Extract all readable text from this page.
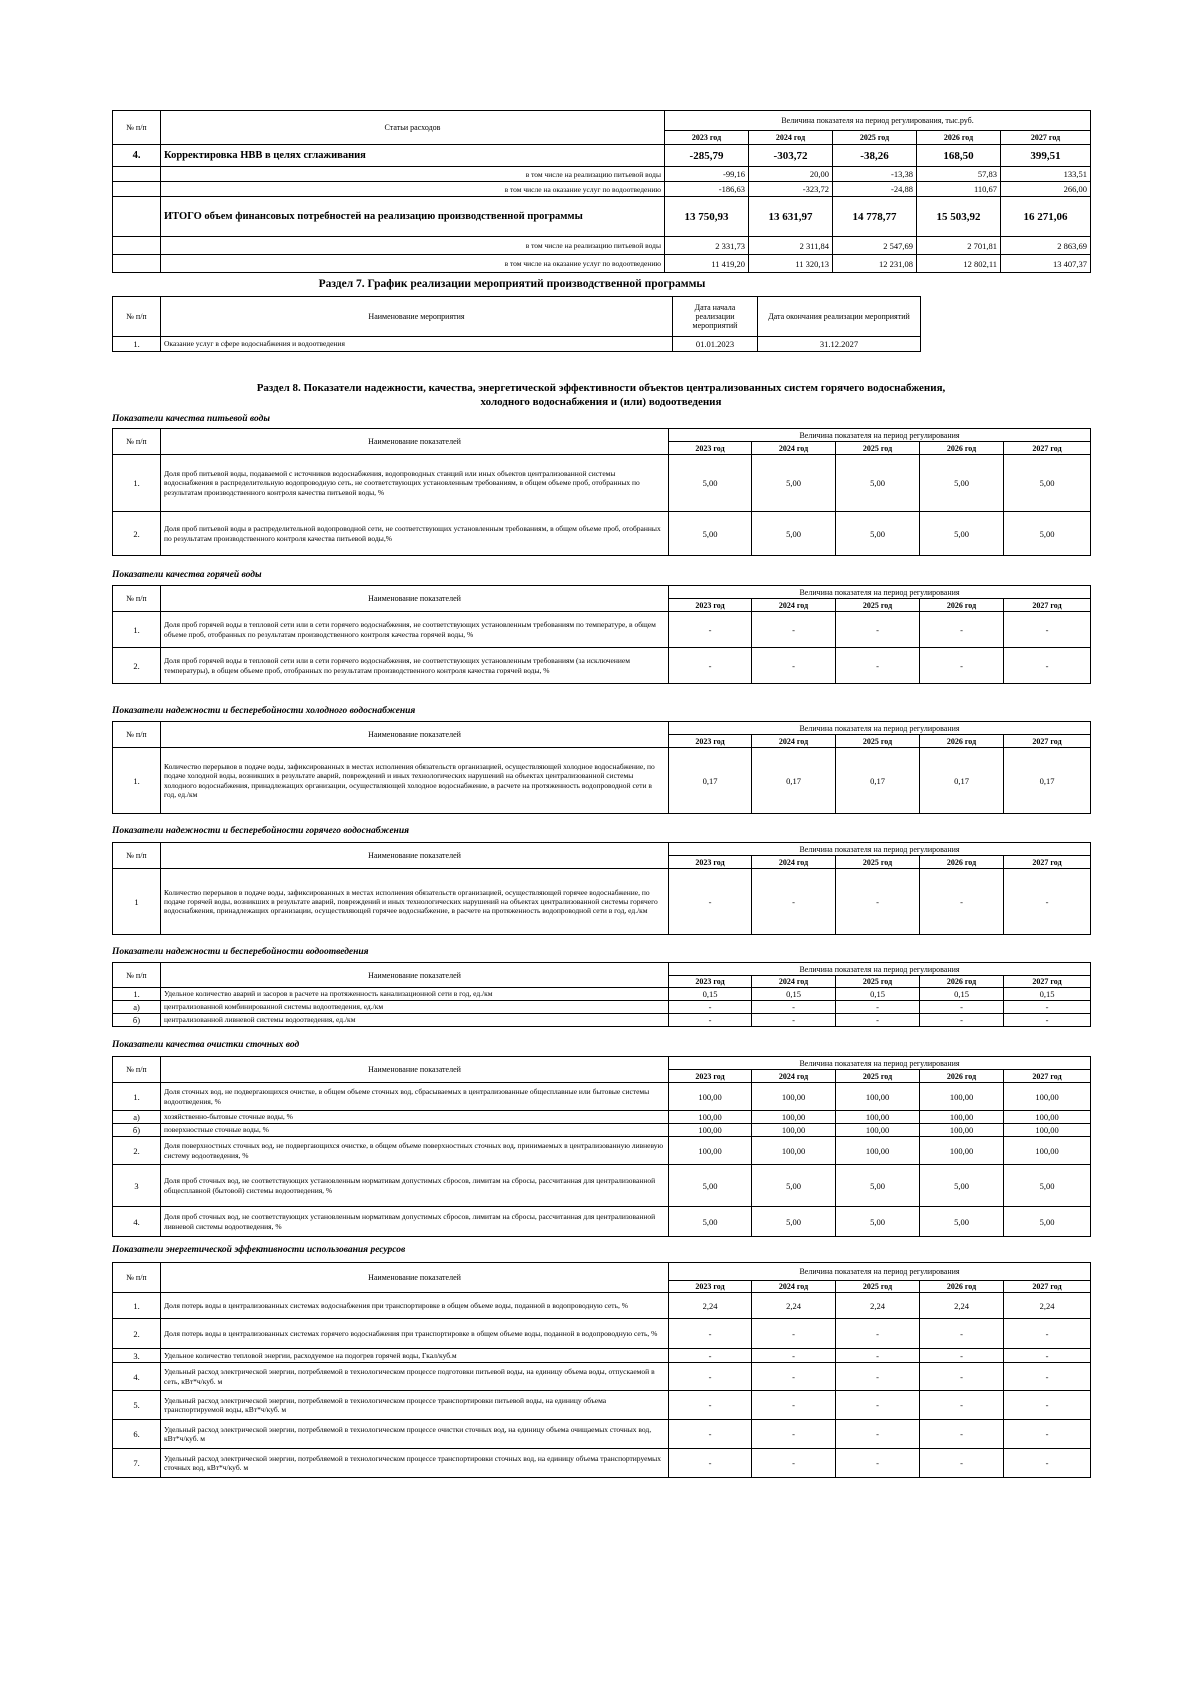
№ п/п	Статьи расходов	Величина показателя на период регулирования, тыс.руб.				
		2023 год	2024 год	2025 год	2026 год	2027 год
4.	Корректировка НВВ в целях сглаживания	-285,79	-303,72	-38,26	168,50	399,51
	в том числе на реализацию питьевой воды	-99,16	20,00	-13,38	57,83	133,51
	в том числе на оказание услуг по водоотведению	-186,63	-323,72	-24,88	110,67	266,00
	ИТОГО объем финансовых потребностей на реализацию производственной программы	13 750,93	13 631,97	14 778,77	15 503,92	16 271,06
	в том числе на реализацию питьевой воды	2 331,73	2 311,84	2 547,69	2 701,81	2 863,69
	в том числе на оказание услуг по водоотведению	11 419,20	11 320,13	12 231,08	12 802,11	13 407,37
Раздел 7. График реализации мероприятий производственной программы
№ п/п	Наименование мероприятия	Дата начала реализации мероприятий	Дата окончания реализации мероприятий
1.	Оказание услуг в сфере водоснабжения и водоотведения	01.01.2023	31.12.2027
Раздел 8. Показатели надежности, качества, энергетической эффективности объектов централизованных систем горячего водоснабжения,
холодного водоснабжения и (или) водоотведения
Показатели качества питьевой воды
№ п/п	Наименование показателей	Величина показателя на период регулирования				
		2023 год	2024 год	2025 год	2026 год	2027 год
1.	Доля проб питьевой воды, подаваемой с источников водоснабжения, водопроводных станций или иных объектов централизованной системы водоснабжения в распределительную водопроводную сеть, не соответствующих установленным требованиям, в общем объеме проб, отобранных по результатам производственного контроля качества питьевой воды, %	5,00	5,00	5,00	5,00	5,00
2.	Доля проб питьевой воды в распределительной водопроводной сети, не соответствующих установленным требованиям, в общем объеме проб, отобранных по результатам производственного контроля качества питьевой воды,%	5,00	5,00	5,00	5,00	5,00
Показатели качества горячей воды
№ п/п	Наименование показателей	Величина показателя на период регулирования				
		2023 год	2024 год	2025 год	2026 год	2027 год
1.	Доля проб горячей воды в тепловой сети или в сети горячего водоснабжения, не соответствующих установленным требованиям по температуре, в общем объеме проб, отобранных по результатам производственного контроля качества горячей воды, %	-	-	-	-	-
2.	Доля проб горячей воды в тепловой сети или в сети горячего водоснабжения, не соответствующих установленным требованиям (за исключением температуры), в общем объеме проб, отобранных по результатам производственного контроля качества горячей воды, %	-	-	-	-	-
Показатели надежности и бесперебойности холодного водоснабжения
№ п/п	Наименование показателей	Величина показателя на период регулирования				
		2023 год	2024 год	2025 год	2026 год	2027 год
1.	Количество перерывов в подаче воды, зафиксированных в местах исполнения обязательств организацией, осуществляющей холодное водоснабжение, по подаче холодной воды, возникших в результате аварий, повреждений и иных технологических нарушений на объектах централизованной системы холодного водоснабжения, принадлежащих организации, осуществляющей холодное водоснабжение, в расчете на протяженность водопроводной сети в год, ед./км	0,17	0,17	0,17	0,17	0,17
Показатели надежности и бесперебойности горячего водоснабжения
№ п/п	Наименование показателей	Величина показателя на период регулирования				
		2023 год	2024 год	2025 год	2026 год	2027 год
1	Количество перерывов в подаче воды, зафиксированных в местах исполнения обязательств организацией, осуществляющей горячее водоснабжение, по подаче горячей воды, возникших в результате аварий, повреждений и иных технологических нарушений на объектах централизованной системы горячего водоснабжения, принадлежащих организации, осуществляющей горячее водоснабжение, в расчете на протяженность водопроводной сети в год, ед./км	-	-	-	-	-
Показатели надежности и бесперебойности водоотведения
№ п/п	Наименование показателей	Величина показателя на период регулирования				
		2023 год	2024 год	2025 год	2026 год	2027 год
1.	Удельное количество аварий и засоров в расчете на протяженность канализационной сети в год, ед./км	0,15	0,15	0,15	0,15	0,15
а)	централизованной комбинированной системы водоотведения, ед./км	-	-	-	-	-
б)	централизованной ливневой системы водоотведения, ед./км	-	-	-	-	-
Показатели качества очистки сточных вод
№ п/п	Наименование показателей	Величина показателя на период регулирования				
		2023 год	2024 год	2025 год	2026 год	2027 год
1.	Доля сточных вод, не подвергающихся очистке, в общем объеме сточных вод, сбрасываемых в централизованные общесплавные или бытовые системы водоотведения, %	100,00	100,00	100,00	100,00	100,00
а)	хозяйственно-бытовые сточные воды, %	100,00	100,00	100,00	100,00	100,00
б)	поверхностные сточные воды, %	100,00	100,00	100,00	100,00	100,00
2.	Доля поверхностных сточных вод, не подвергающихся очистке, в общем объеме поверхностных сточных вод, принимаемых в централизованную ливневую систему водоотведения, %	100,00	100,00	100,00	100,00	100,00
3	Доля проб сточных вод, не соответствующих установленным нормативам допустимых сбросов, лимитам на сбросы, рассчитанная для централизованной общесплавной (бытовой) системы водоотведения, %	5,00	5,00	5,00	5,00	5,00
4.	Доля проб сточных вод, не соответствующих установленным нормативам допустимых сбросов, лимитам на сбросы, рассчитанная для централизованной ливневой системы водоотведения, %	5,00	5,00	5,00	5,00	5,00
Показатели энергетической эффективности использования ресурсов
№ п/п	Наименование показателей	Величина показателя на период регулирования				
		2023 год	2024 год	2025 год	2026 год	2027 год
1.	Доля потерь воды в централизованных системах водоснабжения при транспортировке в общем объеме воды, поданной в водопроводную сеть, %	2,24	2,24	2,24	2,24	2,24
2.	Доля потерь воды в централизованных системах горячего водоснабжения при транспортировке в общем объеме воды, поданной в водопроводную сеть, %	-	-	-	-	-
3.	Удельное количество тепловой энергии, расходуемое на подогрев горячей воды, Гкал/куб.м	-	-	-	-	-
4.	Удельный расход электрической энергии, потребляемой в технологическом процессе подготовки питьевой воды, на единицу объема воды, отпускаемой в сеть, кВт*ч/куб. м	-	-	-	-	-
5.	Удельный расход электрической энергии, потребляемой в технологическом процессе транспортировки питьевой воды, на единицу объема транспортируемой воды, кВт*ч/куб. м	-	-	-	-	-
6.	Удельный расход электрической энергии, потребляемой в технологическом процессе очистки сточных вод, на единицу объема очищаемых сточных вод, кВт*ч/куб. м	-	-	-	-	-
7.	Удельный расход электрической энергии, потребляемой в технологическом процессе транспортировки сточных вод, на единицу объема транспортируемых сточных вод, кВт*ч/куб. м	-	-	-	-	-
